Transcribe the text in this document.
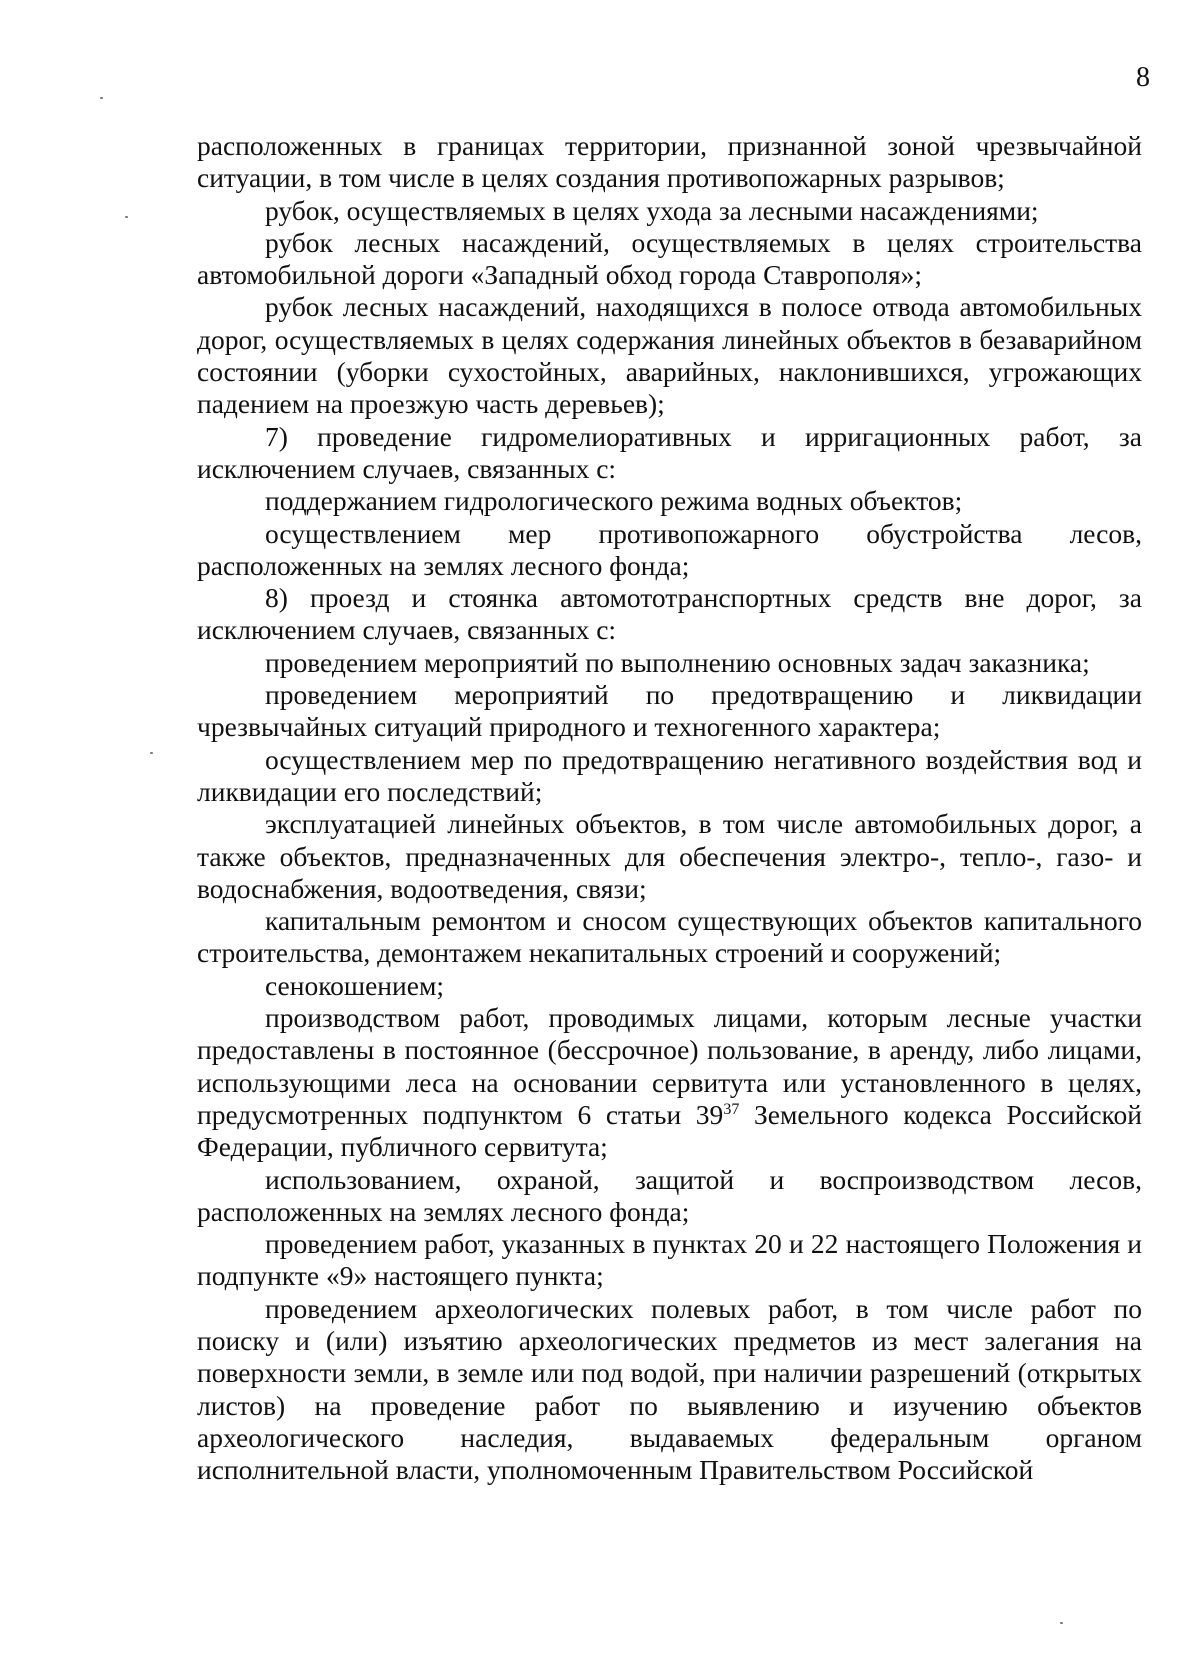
8

расположенных в границах территории, признанной зоной чрезвычайной ситуации, в том числе в целях создания противопожарных разрывов;

рубок, осуществляемых в целях ухода за лесными насаждениями;

рубок лесных насаждений, осуществляемых в целях строительства автомобильной дороги «Западный обход города Ставрополя»;

рубок лесных насаждений, находящихся в полосе отвода автомобильных дорог, осуществляемых в целях содержания линейных объектов в безаварийном состоянии (уборки сухостойных, аварийных, наклонившихся, угрожающих падением на проезжую часть деревьев);

7) проведение гидромелиоративных и ирригационных работ, за исключением случаев, связанных с:

поддержанием гидрологического режима водных объектов;

осуществлением мер противопожарного обустройства лесов, расположенных на землях лесного фонда;

8) проезд и стоянка автомототранспортных средств вне дорог, за исключением случаев, связанных с:

проведением мероприятий по выполнению основных задач заказника;

проведением мероприятий по предотвращению и ликвидации чрезвычайных ситуаций природного и техногенного характера;

осуществлением мер по предотвращению негативного воздействия вод и ликвидации его последствий;

эксплуатацией линейных объектов, в том числе автомобильных дорог, а также объектов, предназначенных для обеспечения электро-, тепло-, газо- и водоснабжения, водоотведения, связи;

капитальным ремонтом и сносом существующих объектов капитального строительства, демонтажем некапитальных строений и сооружений;

сенокошением;

производством работ, проводимых лицами, которым лесные участки предоставлены в постоянное (бессрочное) пользование, в аренду, либо лицами, использующими леса на основании сервитута или установленного в целях, предусмотренных подпунктом 6 статьи $39^{37}$ Земельного кодекса Российской Федерации, публичного сервитута;

использованием, охраной, защитой и воспроизводством лесов, расположенных на землях лесного фонда;

проведением работ, указанных в пунктах 20 и 22 настоящего Положения и подпункте «9» настоящего пункта;

проведением археологических полевых работ, в том числе работ по поиску и (или) изъятию археологических предметов из мест залегания на поверхности земли, в земле или под водой, при наличии разрешений (открытых листов) на проведение работ по выявлению и изучению объектов археологического наследия, выдаваемых федеральным органом исполнительной власти, уполномоченным Правительством Российской
